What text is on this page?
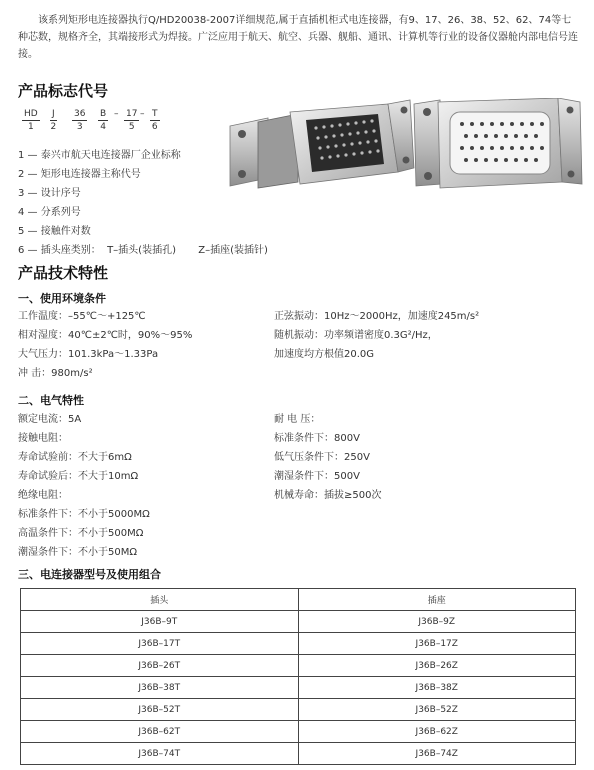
该系列矩形电连接器执行Q/HD20038-2007详细规范,属于直插机柜式电连接器，有9、17、26、38、52、62、74等七种芯数，规格齐全，其端接形式为焊接。广泛应用于航天、航空、兵器、舰船、通讯、计算机等行业的设备仪器舱内部电信号连接。
产品标志代号
HD
1
J
2
36
3
B
4
– 17
5
– T
6
1 — 泰兴市航天电连接器厂企业标称
2 — 矩形电连接器主称代号
3 — 设计序号
4 — 分系列号
5 — 接触件对数
6 — 插头座类别：  T–插头(装插孔)       Z–插座(装插针)
产品技术特性
一、使用环境条件
工作温度：–55℃～+125℃
相对湿度：40℃±2℃时，90%～95%
大气压力：101.3kPa～1.33Pa
冲 击：980m/s²
正弦振动：10Hz～2000Hz，加速度245m/s²
随机振动：功率频谱密度0.3G²/Hz，
加速度均方根值20.0G
二、电气特性
额定电流：5A
接触电阻：
寿命试验前：不大于6mΩ
寿命试验后：不大于10mΩ
绝缘电阻：
标准条件下：不小于5000MΩ
高温条件下：不小于500MΩ
潮湿条件下：不小于50MΩ
耐 电 压：
标准条件下：800V
低气压条件下：250V
潮湿条件下：500V
机械寿命：插拔≥500次
三、电连接器型号及使用组合
插头	插座
J36B–9T	J36B–9Z
J36B–17T	J36B–17Z
J36B–26T	J36B–26Z
J36B–38T	J36B–38Z
J36B–52T	J36B–52Z
J36B–62T	J36B–62Z
J36B–74T	J36B–74Z
